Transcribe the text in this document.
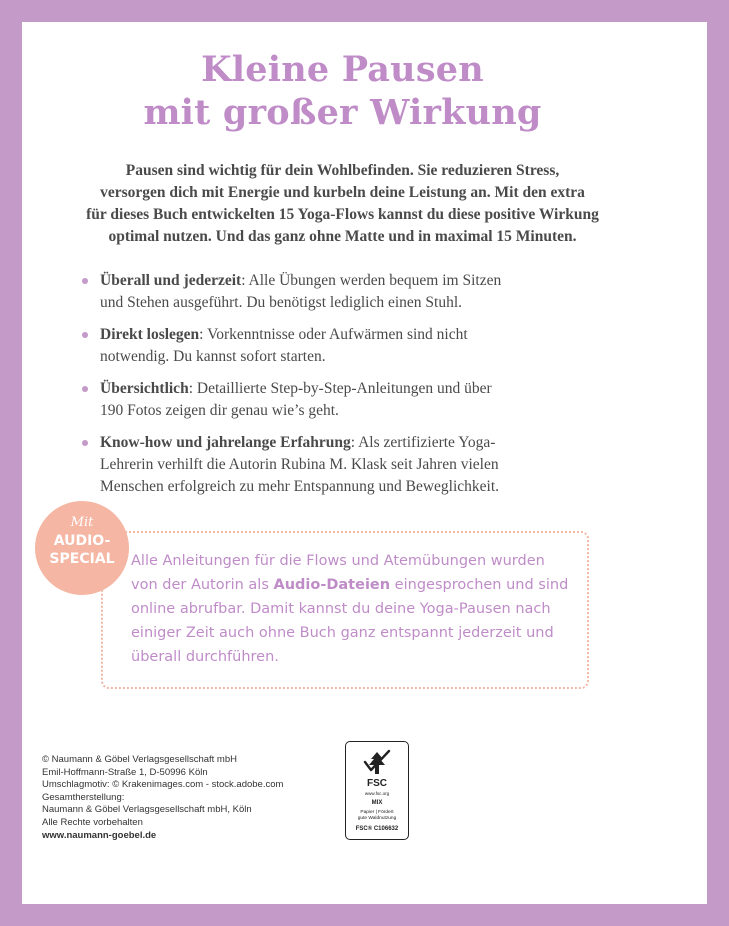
Kleine Pausen
mit großer Wirkung
Pausen sind wichtig für dein Wohlbefinden. Sie reduzieren Stress,
versorgen dich mit Energie und kurbeln deine Leistung an. Mit den extra
für dieses Buch entwickelten 15 Yoga-Flows kannst du diese positive Wirkung
optimal nutzen. Und das ganz ohne Matte und in maximal 15 Minuten.
Überall und jederzeit: Alle Übungen werden bequem im Sitzen
und Stehen ausgeführt. Du benötigst lediglich einen Stuhl.
Direkt loslegen: Vorkenntnisse oder Aufwärmen sind nicht
notwendig. Du kannst sofort starten.
Übersichtlich: Detaillierte Step-by-Step-Anleitungen und über
190 Fotos zeigen dir genau wie’s geht.
Know-how und jahrelange Erfahrung: Als zertifizierte Yoga-
Lehrerin verhilft die Autorin Rubina M. Klask seit Jahren vielen
Menschen erfolgreich zu mehr Entspannung und Beweglichkeit.
Alle Anleitungen für die Flows und Atemübungen wurden
von der Autorin als Audio-Dateien eingesprochen und sind
online abrufbar. Damit kannst du deine Yoga-Pausen nach
einiger Zeit auch ohne Buch ganz entspannt jederzeit und
überall durchführen.
Mit
AUDIO-
SPECIAL
© Naumann & Göbel Verlagsgesellschaft mbH
Emil-Hoffmann-Straße 1, D-50996 Köln
Umschlagmotiv: © Krakenimages.com - stock.adobe.com
Gesamtherstellung:
Naumann & Göbel Verlagsgesellschaft mbH, Köln
Alle Rechte vorbehalten
www.naumann-goebel.de
FSC
www.fsc.org
MIX
Papier | Fördert
gute Waldnutzung
FSC® C106632
